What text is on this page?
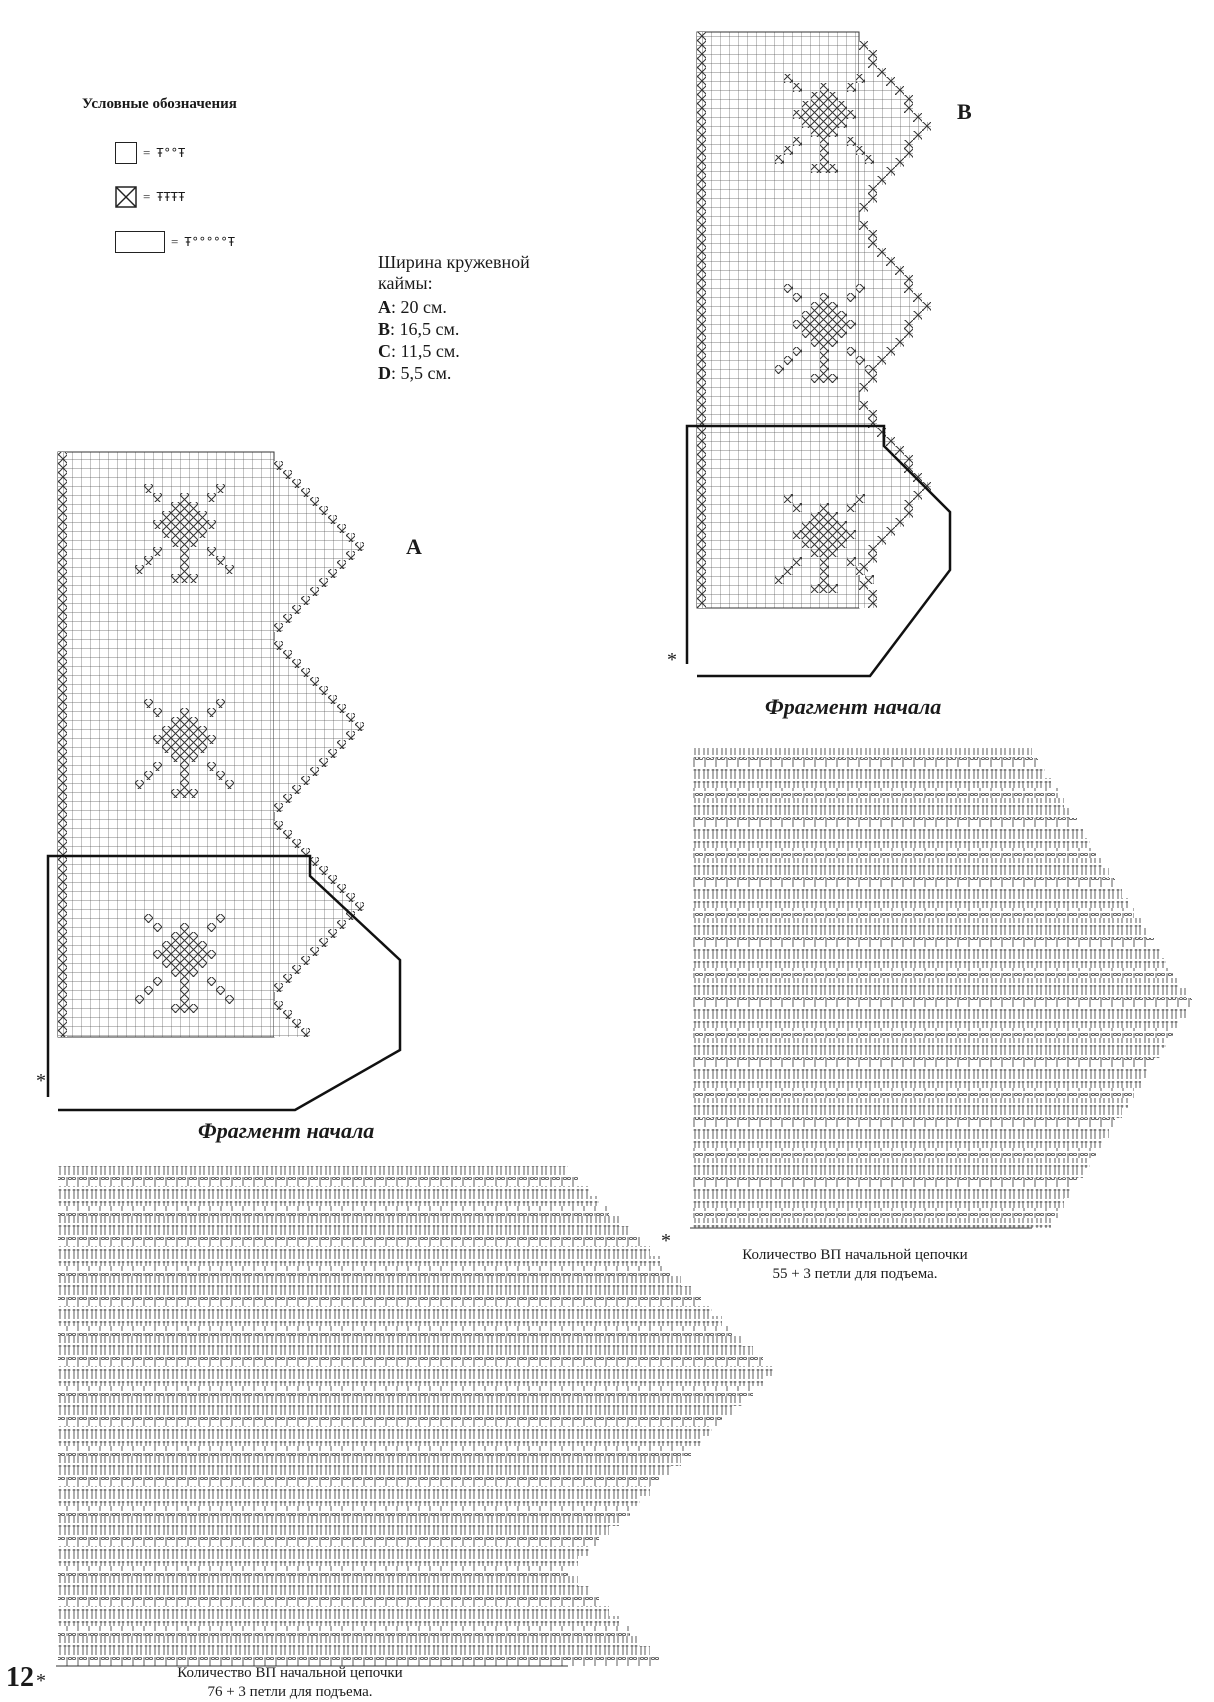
Условные обозначения
= Ŧ°°Ŧ
= ŦŦŦŦ
= Ŧ°°°°°Ŧ
Ширина кружевной каймы:
A: 20 см.
B: 16,5 см.
C: 11,5 см.
D: 5,5 см.
A
B
*
*
*
*
Фрагмент начала
Количество ВП начальной цепочки
55 + 3 петли для подъема.
Фрагмент начала
Количество ВП начальной цепочки
76 + 3 петли для подъема.
12
